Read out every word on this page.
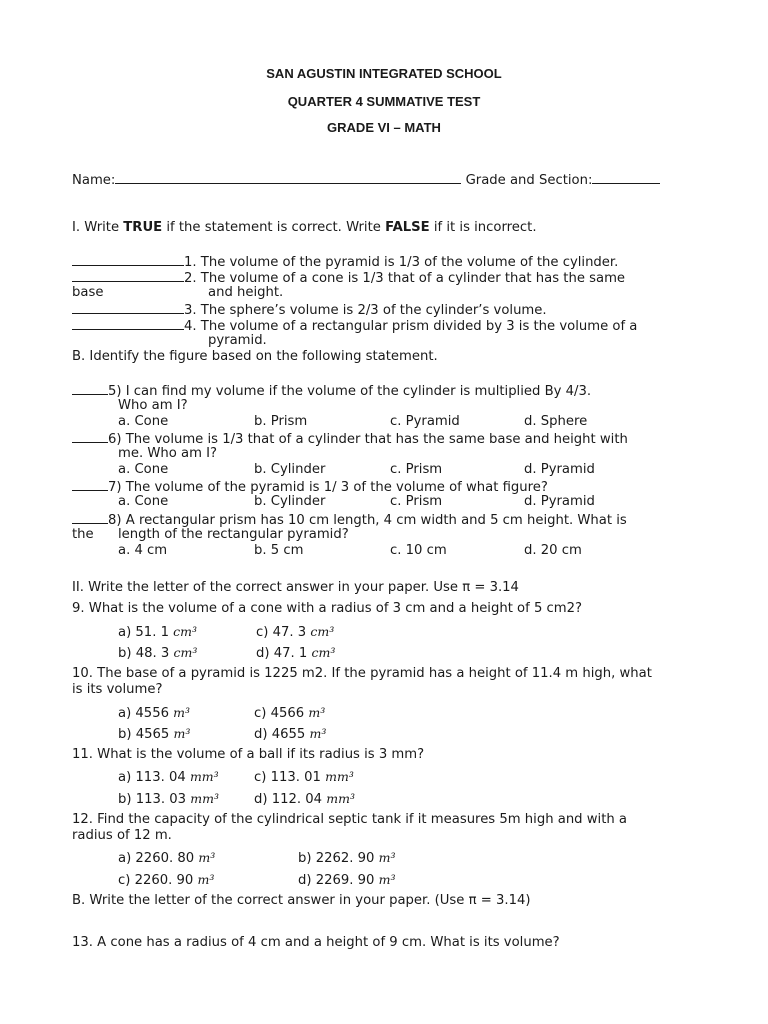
SAN AGUSTIN INTEGRATED SCHOOL
QUARTER 4 SUMMATIVE TEST
GRADE VI – MATH
Name:	Grade and Section:
I. Write TRUE if the statement is correct. Write FALSE if it is incorrect.
1. The volume of the pyramid is 1/3 of the volume of the cylinder.
2. The volume of a cone is 1/3 that of a cylinder that has the same
base	and height.
3. The sphere’s volume is 2/3 of the cylinder’s volume.
4. The volume of a rectangular prism divided by 3 is the volume of a
pyramid.
B. Identify the figure based on the following statement.
5) I can find my volume if the volume of the cylinder is multiplied By 4/3.
Who am I?
a. Cone	b. Prism	c. Pyramid	d. Sphere
6) The volume is 1/3 that of a cylinder that has the same base and height with
me. Who am I?
a. Cone	b. Cylinder	c. Prism	d. Pyramid
7) The volume of the pyramid is 1/ 3 of the volume of what figure?
a. Cone	b. Cylinder	c. Prism	d. Pyramid
8) A rectangular prism has 10 cm length, 4 cm width and 5 cm height. What is
the length of the rectangular pyramid?
a. 4 cm	b. 5 cm	c. 10 cm	d. 20 cm
II. Write the letter of the correct answer in your paper. Use π = 3.14
9. What is the volume of a cone with a radius of 3 cm and a height of 5 cm2?
a) 51. 1 cm³	c) 47. 3 cm³
b) 48. 3 cm³	d) 47. 1 cm³
10. The base of a pyramid is 1225 m2. If the pyramid has a height of 11.4 m high, what
is its volume?
a) 4556 m³	c) 4566 m³
b) 4565 m³	d) 4655 m³
11. What is the volume of a ball if its radius is 3 mm?
a) 113. 04 mm³	c) 113. 01 mm³
b) 113. 03 mm³	d) 112. 04 mm³
12. Find the capacity of the cylindrical septic tank if it measures 5m high and with a
radius of 12 m.
a) 2260. 80 m³	b) 2262. 90 m³
c) 2260. 90 m³	d) 2269. 90 m³
B. Write the letter of the correct answer in your paper. (Use π = 3.14)
13. A cone has a radius of 4 cm and a height of 9 cm. What is its volume?
